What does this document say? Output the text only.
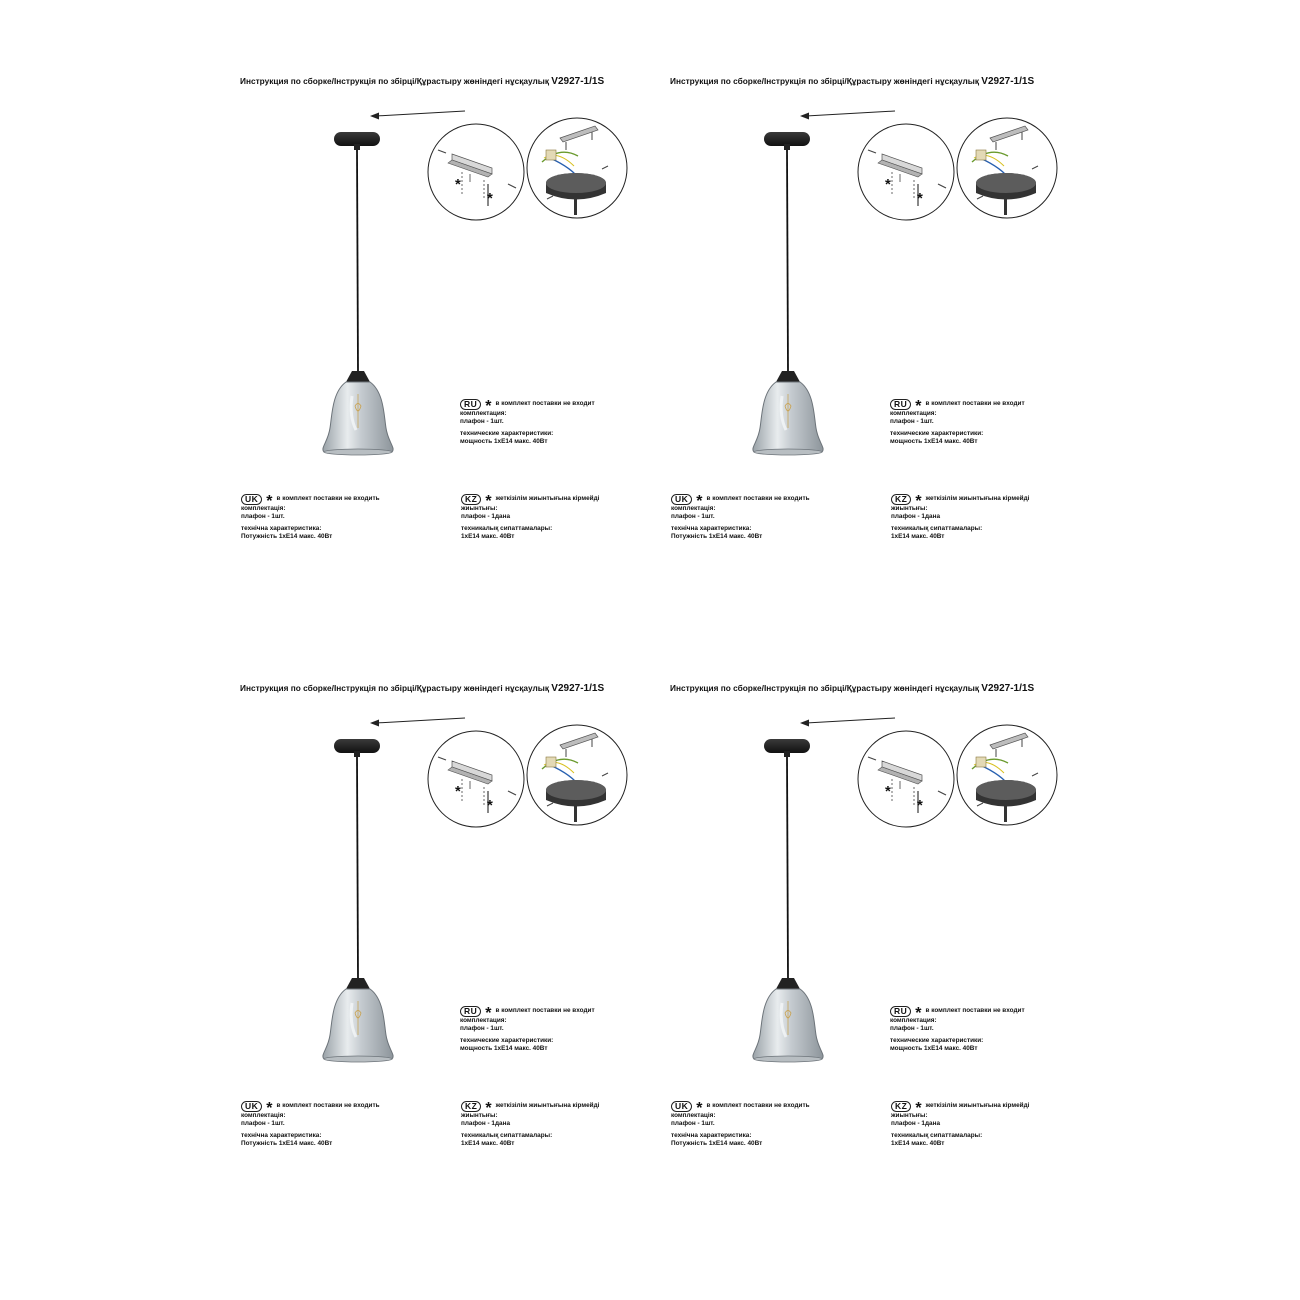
Инструкция по сборке/Інструкція по збірці/Құрастыру жөніндегі нұсқаулық V2927-1/1S
*
*
RU * в комплект поставки не входит
комплектация:
плафон - 1шт.
технические характеристики:
мощность 1хЕ14 макс. 40Вт
UK * в комплект поставки не входить
комплектація:
плафон - 1шт.
технічна характеристика:
Потужність 1хЕ14 макс. 40Вт
KZ * жеткізілім жиынтығына кірмейді
жиынтығы:
плафон - 1дана
техникалық сипаттамалары:
1хЕ14 макс. 40Вт
Инструкция по сборке/Інструкція по збірці/Құрастыру жөніндегі нұсқаулық V2927-1/1S
*
*
RU * в комплект поставки не входит
комплектация:
плафон - 1шт.
технические характеристики:
мощность 1хЕ14 макс. 40Вт
UK * в комплект поставки не входить
комплектація:
плафон - 1шт.
технічна характеристика:
Потужність 1хЕ14 макс. 40Вт
KZ * жеткізілім жиынтығына кірмейді
жиынтығы:
плафон - 1дана
техникалық сипаттамалары:
1хЕ14 макс. 40Вт
Инструкция по сборке/Інструкція по збірці/Құрастыру жөніндегі нұсқаулық V2927-1/1S
*
*
RU * в комплект поставки не входит
комплектация:
плафон - 1шт.
технические характеристики:
мощность 1хЕ14 макс. 40Вт
UK * в комплект поставки не входить
комплектація:
плафон - 1шт.
технічна характеристика:
Потужність 1хЕ14 макс. 40Вт
KZ * жеткізілім жиынтығына кірмейді
жиынтығы:
плафон - 1дана
техникалық сипаттамалары:
1хЕ14 макс. 40Вт
Инструкция по сборке/Інструкція по збірці/Құрастыру жөніндегі нұсқаулық V2927-1/1S
*
*
RU * в комплект поставки не входит
комплектация:
плафон - 1шт.
технические характеристики:
мощность 1хЕ14 макс. 40Вт
UK * в комплект поставки не входить
комплектація:
плафон - 1шт.
технічна характеристика:
Потужність 1хЕ14 макс. 40Вт
KZ * жеткізілім жиынтығына кірмейді
жиынтығы:
плафон - 1дана
техникалық сипаттамалары:
1хЕ14 макс. 40Вт
